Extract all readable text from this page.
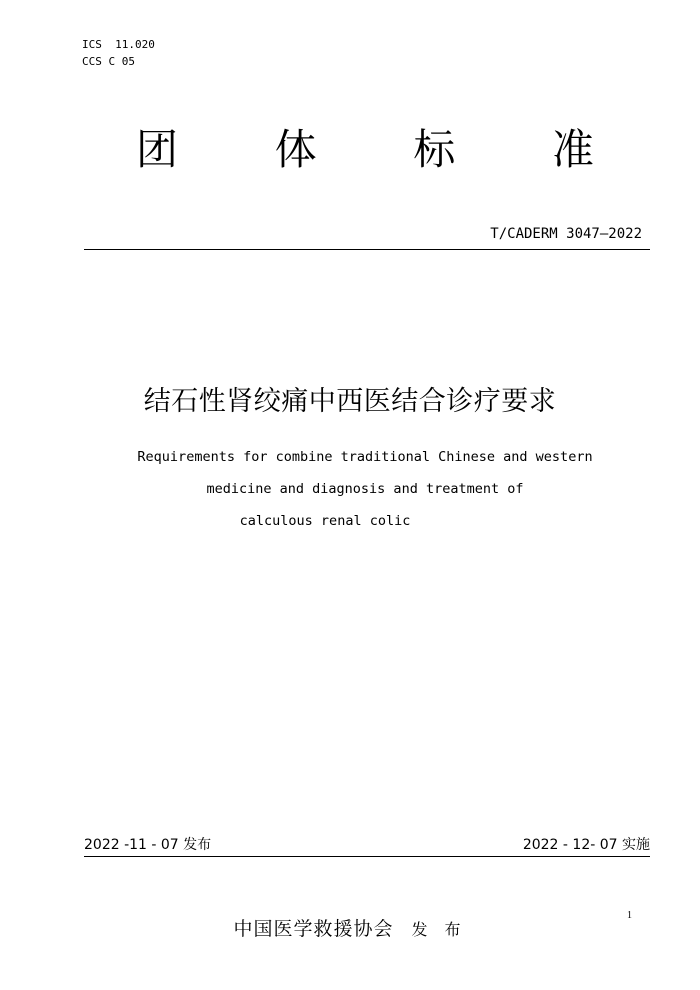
ICS  11.020
CCS C 05
团 体 标 准
T/CADERM 3047—2022
结石性肾绞痛中西医结合诊疗要求
Requirements for combine traditional Chinese and western
medicine and diagnosis and treatment of
calculous renal colic
2022 -11 - 07 发布	2022 - 12- 07 实施
1
中国医学救援协会 发 布
